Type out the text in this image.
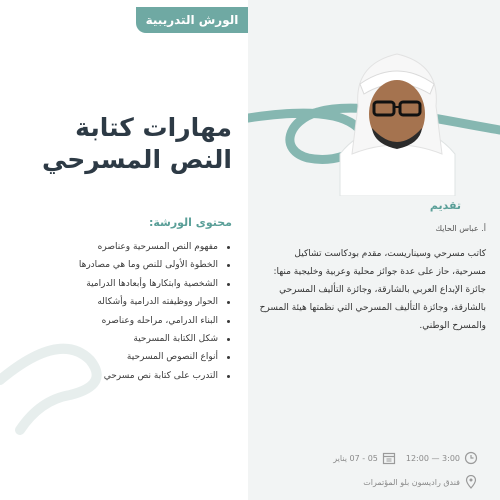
الورش التدريبية
مهارات كتابة
النص المسرحي
محتوى الورشة:
مفهوم النص المسرحية وعناصره
الخطوة الأولى للنص وما هي مصادرها
الشخصية وابتكارها وأبعادها الدرامية
الحوار ووظيفته الدرامية وأشكاله
البناء الدرامي، مراحله وعناصره
شكل الكتابة المسرحية
أنواع النصوص المسرحية
التدرب على كتابة نص مسرحي
تقديم
أ. عباس الحايك

كاتب مسرحي وسيناريست، مقدم بودكاست تشاكيل مسرحية، حاز على عدة جوائز محلية وعربية وخليجية منها: جائزة الإبداع العربي بالشارقة، وجائزة التأليف المسرحي بالشارقة، وجائزة التأليف المسرحي التي نظمتها هيئة المسرح والمسرح الوطني.

3:00 — 12:00
05 - 07 يناير
فندق راديسون بلو المؤتمرات
